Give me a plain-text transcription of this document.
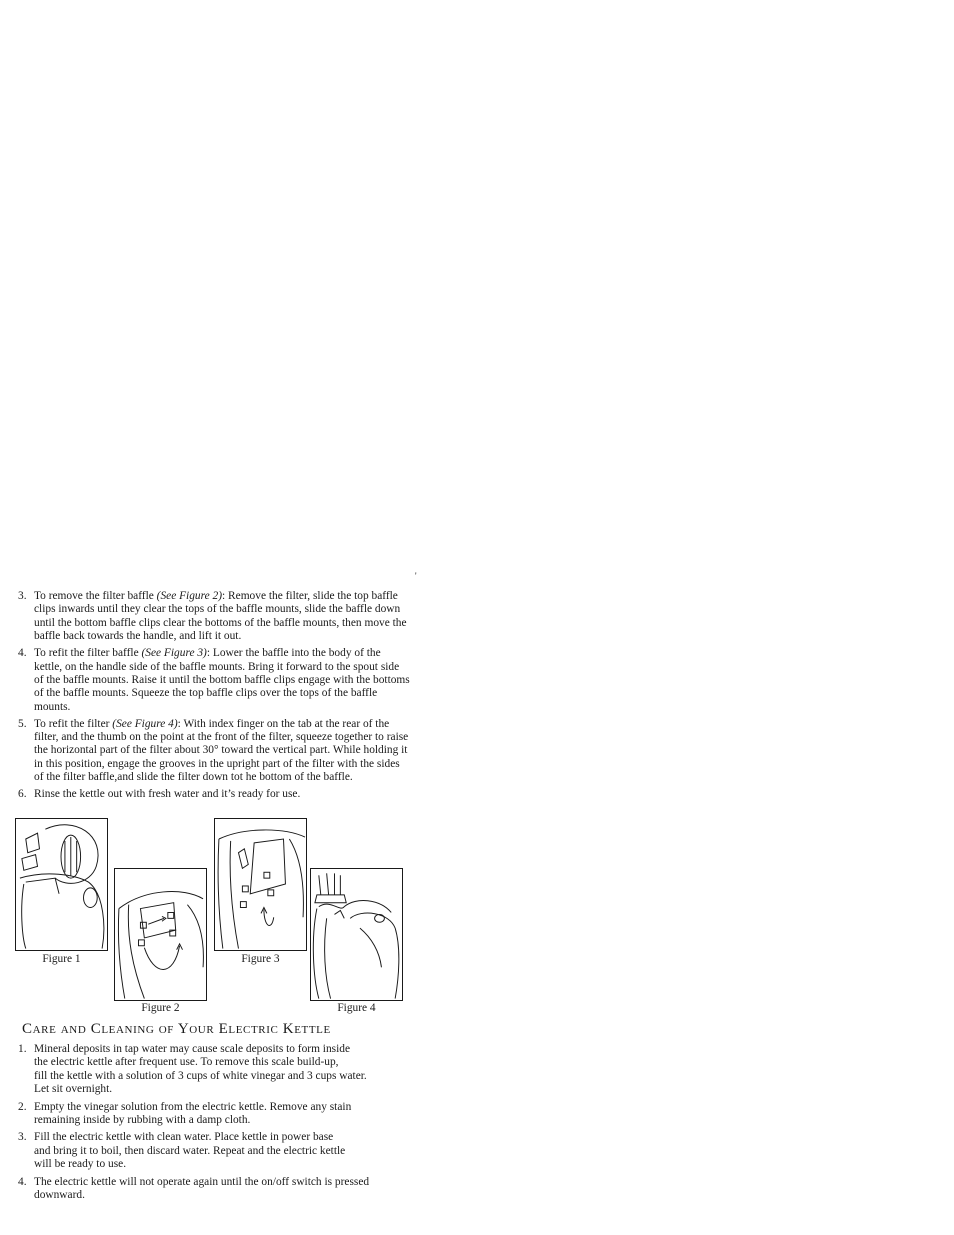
'
3. To remove the filter baffle (See Figure 2): Remove the filter, slide the top baffle clips inwards until they clear the tops of the baffle mounts, slide the baffle down until the bottom baffle clips clear the bottoms of the baffle mounts, then move the baffle back towards the handle, and lift it out.
4. To refit the filter baffle (See Figure 3): Lower the baffle into the body of the kettle, on the handle side of the baffle mounts. Bring it forward to the spout side of the baffle mounts. Raise it until the bottom baffle clips engage with the bottoms of the baffle mounts. Squeeze the top baffle clips over the tops of the baffle mounts.
5. To refit the filter (See Figure 4): With index finger on the tab at the rear of the filter, and the thumb on the point at the front of the filter, squeeze together to raise the horizontal part of the filter about 30° toward the vertical part. While holding it in this position, engage the grooves in the upright part of the filter with the sides of the filter baffle,and slide the filter down tot he bottom of the baffle.
6. Rinse the kettle out with fresh water and it’s ready for use.
Figure 1
Figure 2
Figure 3
Figure 4
Care and Cleaning of Your Electric Kettle
1. Mineral deposits in tap water may cause scale deposits to form inside
the electric kettle after frequent use. To remove this scale build-up,
fill the kettle with a solution of 3 cups of white vinegar and 3 cups water.
Let sit overnight.
2. Empty the vinegar solution from the electric kettle. Remove any stain
remaining inside by rubbing with a damp cloth.
3. Fill the electric kettle with clean water. Place kettle in power base
and bring it to boil, then discard water. Repeat and the electric kettle
will be ready to use.
4. The electric kettle will not operate again until the on/off switch is pressed
downward.
